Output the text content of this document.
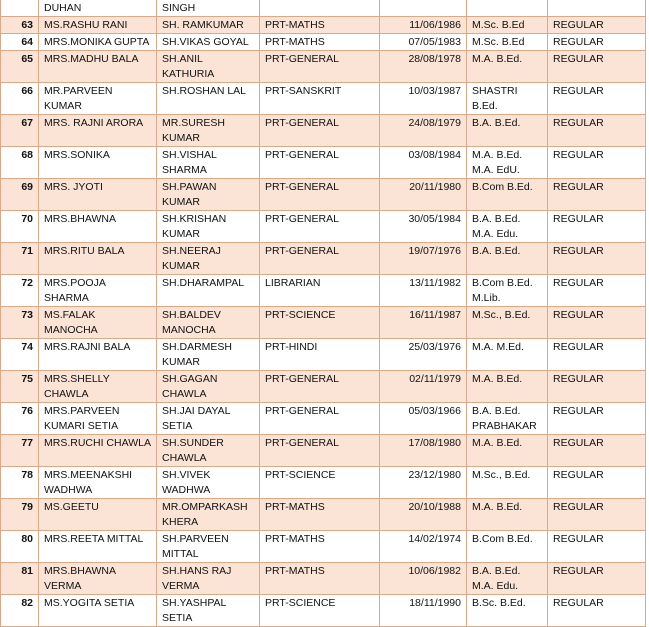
	DUHAN	SINGH				
63	MS.RASHU RANI	SH. RAMKUMAR	PRT-MATHS	11/06/1986	M.Sc. B.Ed	REGULAR
64	MRS.MONIKA GUPTA	SH.VIKAS GOYAL	PRT-MATHS	07/05/1983	M.Sc. B.Ed	REGULAR
65	MRS.MADHU BALA	SH.ANIL KATHURIA	PRT-GENERAL	28/08/1978	M.A. B.Ed.	REGULAR
66	MR.PARVEEN KUMAR	SH.ROSHAN LAL	PRT-SANSKRIT	10/03/1987	SHASTRI B.Ed.	REGULAR
67	MRS. RAJNI ARORA	MR.SURESH KUMAR	PRT-GENERAL	24/08/1979	B.A. B.Ed.	REGULAR
68	MRS.SONIKA	SH.VISHAL SHARMA	PRT-GENERAL	03/08/1984	M.A. B.Ed. M.A. EdU.	REGULAR
69	MRS. JYOTI	SH.PAWAN KUMAR	PRT-GENERAL	20/11/1980	B.Com B.Ed.	REGULAR
70	MRS.BHAWNA	SH.KRISHAN KUMAR	PRT-GENERAL	30/05/1984	B.A. B.Ed. M.A. Edu.	REGULAR
71	MRS.RITU BALA	SH.NEERAJ KUMAR	PRT-GENERAL	19/07/1976	B.A. B.Ed.	REGULAR
72	MRS.POOJA SHARMA	SH.DHARAMPAL	LIBRARIAN	13/11/1982	B.Com B.Ed. M.Lib.	REGULAR
73	MS.FALAK MANOCHA	SH.BALDEV MANOCHA	PRT-SCIENCE	16/11/1987	M.Sc., B.Ed.	REGULAR
74	MRS.RAJNI BALA	SH.DARMESH KUMAR	PRT-HINDI	25/03/1976	M.A. M.Ed.	REGULAR
75	MRS.SHELLY CHAWLA	SH.GAGAN CHAWLA	PRT-GENERAL	02/11/1979	M.A. B.Ed.	REGULAR
76	MRS.PARVEEN KUMARI SETIA	SH.JAI DAYAL SETIA	PRT-GENERAL	05/03/1966	B.A. B.Ed. PRABHAKAR	REGULAR
77	MRS.RUCHI CHAWLA	SH.SUNDER CHAWLA	PRT-GENERAL	17/08/1980	M.A. B.Ed.	REGULAR
78	MRS.MEENAKSHI WADHWA	SH.VIVEK WADHWA	PRT-SCIENCE	23/12/1980	M.Sc., B.Ed.	REGULAR
79	MS.GEETU	MR.OMPARKASH KHERA	PRT-MATHS	20/10/1988	M.A. B.Ed.	REGULAR
80	MRS.REETA MITTAL	SH.PARVEEN MITTAL	PRT-MATHS	14/02/1974	B.Com B.Ed.	REGULAR
81	MRS.BHAWNA VERMA	SH.HANS RAJ VERMA	PRT-MATHS	10/06/1982	B.A. B.Ed. M.A. Edu.	REGULAR
82	MS.YOGITA SETIA	SH.YASHPAL SETIA	PRT-SCIENCE	18/11/1990	B.Sc. B.Ed.	REGULAR
